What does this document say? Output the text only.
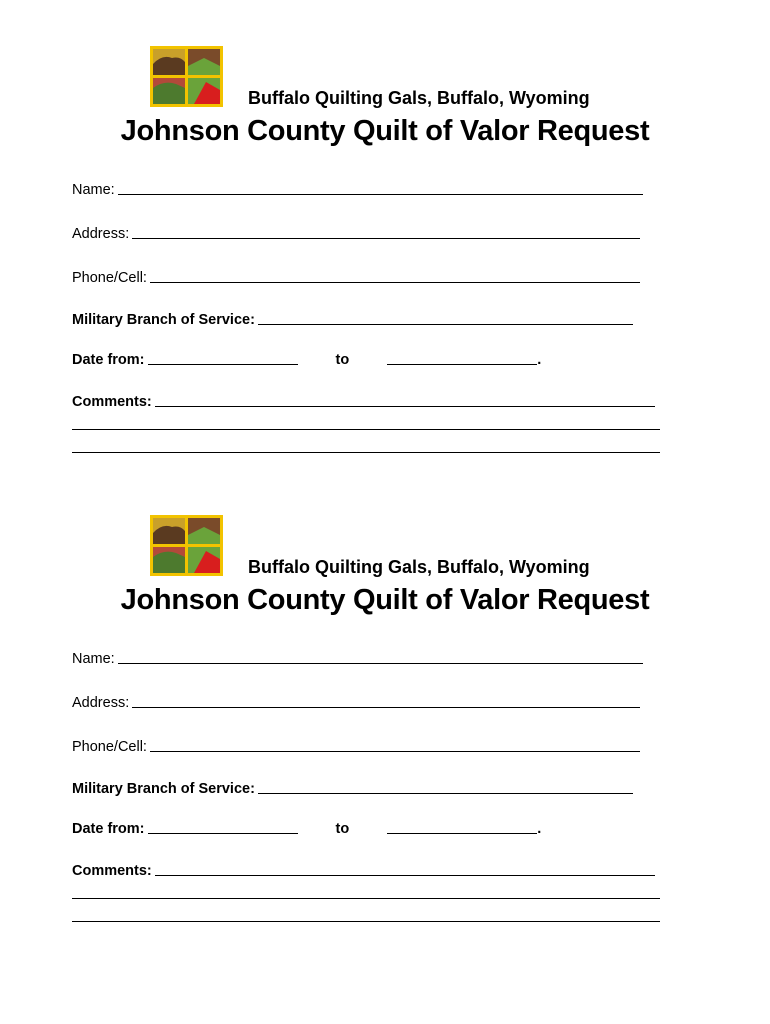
Buffalo Quilting Gals, Buffalo, Wyoming
Johnson County Quilt of Valor Request
Name:
Address:
Phone/Cell:
Military Branch of Service:
Date from:	to	.
Comments:
Buffalo Quilting Gals, Buffalo, Wyoming
Johnson County Quilt of Valor Request
Name:
Address:
Phone/Cell:
Military Branch of Service:
Date from:	to	.
Comments:
